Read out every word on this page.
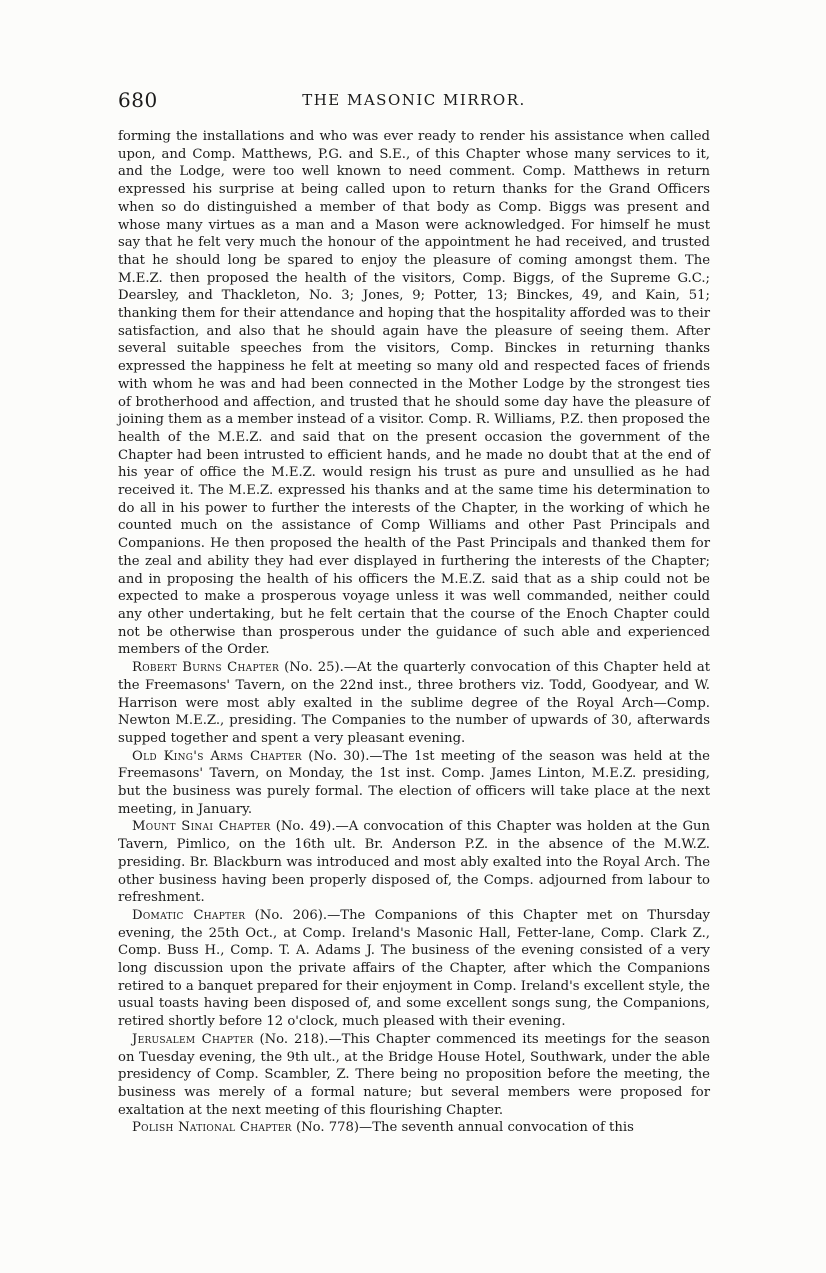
680	THE MASONIC MIRROR.

forming the installations and who was ever ready to render his assistance when called upon, and Comp. Matthews, P.G. and S.E., of this Chapter whose many services to it, and the Lodge, were too well known to need comment. Comp. Matthews in return expressed his surprise at being called upon to return thanks for the Grand Officers when so do distinguished a member of that body as Comp. Biggs was present and whose many virtues as a man and a Mason were acknowledged. For himself he must say that he felt very much the honour of the appointment he had received, and trusted that he should long be spared to enjoy the pleasure of coming amongst them. The M.E.Z. then proposed the health of the visitors, Comp. Biggs, of the Supreme G.C.; Dearsley, and Thackleton, No. 3; Jones, 9; Potter, 13; Binckes, 49, and Kain, 51; thanking them for their attendance and hoping that the hospitality afforded was to their satisfaction, and also that he should again have the pleasure of seeing them. After several suitable speeches from the visitors, Comp. Binckes in returning thanks expressed the happiness he felt at meeting so many old and respected faces of friends with whom he was and had been connected in the Mother Lodge by the strongest ties of brotherhood and affection, and trusted that he should some day have the pleasure of joining them as a member instead of a visitor. Comp. R. Williams, P.Z. then proposed the health of the M.E.Z. and said that on the present occasion the government of the Chapter had been intrusted to efficient hands, and he made no doubt that at the end of his year of office the M.E.Z. would resign his trust as pure and unsullied as he had received it. The M.E.Z. expressed his thanks and at the same time his determination to do all in his power to further the interests of the Chapter, in the working of which he counted much on the assistance of Comp Williams and other Past Principals and Companions. He then proposed the health of the Past Principals and thanked them for the zeal and ability they had ever displayed in furthering the interests of the Chapter; and in proposing the health of his officers the M.E.Z. said that as a ship could not be expected to make a prosperous voyage unless it was well commanded, neither could any other undertaking, but he felt certain that the course of the Enoch Chapter could not be otherwise than prosperous under the guidance of such able and experienced members of the Order.

Robert Burns Chapter (No. 25).—At the quarterly convocation of this Chapter held at the Freemasons' Tavern, on the 22nd inst., three brothers viz. Todd, Goodyear, and W. Harrison were most ably exalted in the sublime degree of the Royal Arch—Comp. Newton M.E.Z., presiding. The Companies to the number of upwards of 30, afterwards supped together and spent a very pleasant evening.

Old King's Arms Chapter (No. 30).—The 1st meeting of the season was held at the Freemasons' Tavern, on Monday, the 1st inst. Comp. James Linton, M.E.Z. presiding, but the business was purely formal. The election of officers will take place at the next meeting, in January.

Mount Sinai Chapter (No. 49).—A convocation of this Chapter was holden at the Gun Tavern, Pimlico, on the 16th ult. Br. Anderson P.Z. in the absence of the M.W.Z. presiding. Br. Blackburn was introduced and most ably exalted into the Royal Arch. The other business having been properly disposed of, the Comps. adjourned from labour to refreshment.

Domatic Chapter (No. 206).—The Companions of this Chapter met on Thursday evening, the 25th Oct., at Comp. Ireland's Masonic Hall, Fetter-lane, Comp. Clark Z., Comp. Buss H., Comp. T. A. Adams J. The business of the evening consisted of a very long discussion upon the private affairs of the Chapter, after which the Companions retired to a banquet prepared for their enjoyment in Comp. Ireland's excellent style, the usual toasts having been disposed of, and some excellent songs sung, the Companions, retired shortly before 12 o'clock, much pleased with their evening.

Jerusalem Chapter (No. 218).—This Chapter commenced its meetings for the season on Tuesday evening, the 9th ult., at the Bridge House Hotel, Southwark, under the able presidency of Comp. Scambler, Z. There being no proposition before the meeting, the business was merely of a formal nature; but several members were proposed for exaltation at the next meeting of this flourishing Chapter.

Polish National Chapter (No. 778)—The seventh annual convocation of this
